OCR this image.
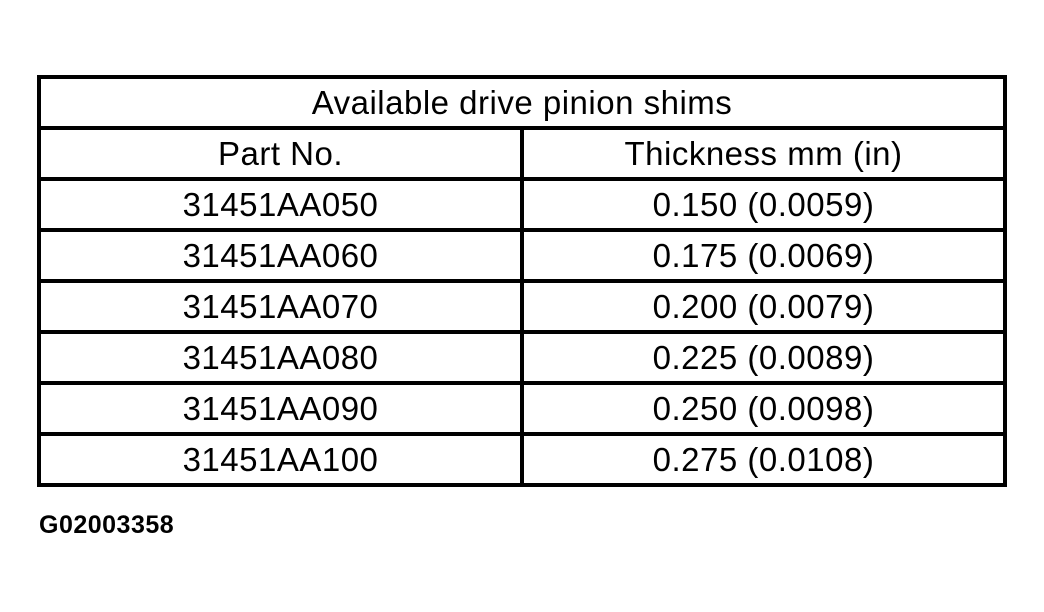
Available drive pinion shims
Part No.	Thickness mm (in)
31451AA050	0.150 (0.0059)
31451AA060	0.175 (0.0069)
31451AA070	0.200 (0.0079)
31451AA080	0.225 (0.0089)
31451AA090	0.250 (0.0098)
31451AA100	0.275 (0.0108)
G02003358
